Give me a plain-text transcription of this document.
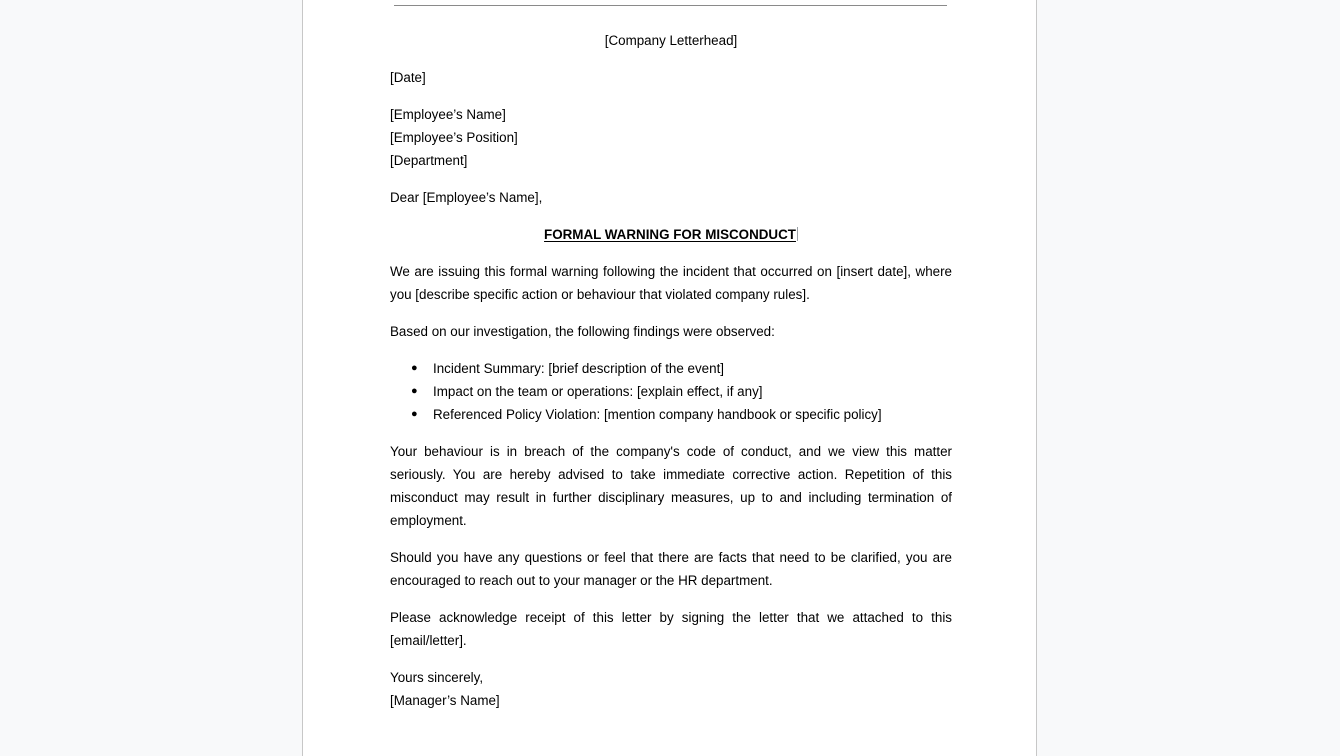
[Company Letterhead]

[Date]

[Employee’s Name]
[Employee’s Position]
[Department]

Dear [Employee’s Name],

FORMAL WARNING FOR MISCONDUCT

We are issuing this formal warning following the incident that occurred on [insert date], where you [describe specific action or behaviour that violated company rules].

Based on our investigation, the following findings were observed:

● Incident Summary: [brief description of the event]
● Impact on the team or operations: [explain effect, if any]
● Referenced Policy Violation: [mention company handbook or specific policy]

Your behaviour is in breach of the company's code of conduct, and we view this matter seriously. You are hereby advised to take immediate corrective action. Repetition of this misconduct may result in further disciplinary measures, up to and including termination of employment.

Should you have any questions or feel that there are facts that need to be clarified, you are encouraged to reach out to your manager or the HR department.

Please acknowledge receipt of this letter by signing the letter that we attached to this [email/letter].

Yours sincerely,
[Manager’s Name]
